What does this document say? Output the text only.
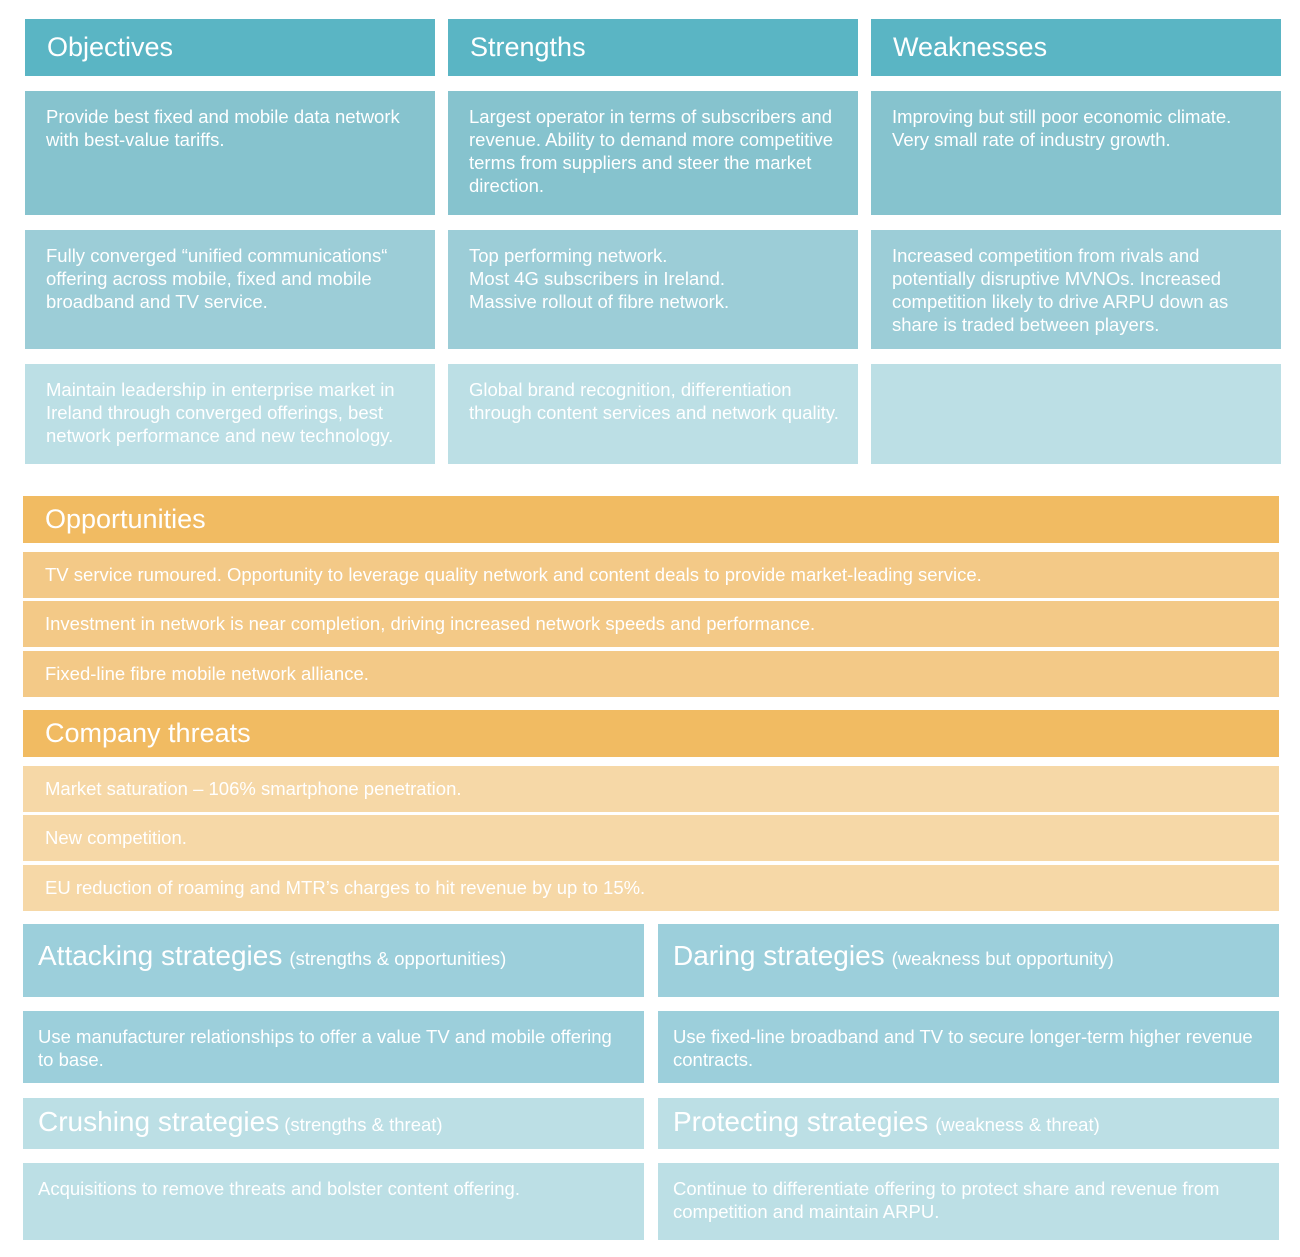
Objectives	Strengths	Weaknesses
Provide best fixed and mobile data network with best-value tariffs.
Largest operator in terms of subscribers and revenue. Ability to demand more competitive terms from suppliers and steer the market direction.
Improving but still poor economic climate. Very small rate of industry growth.
Fully converged “unified communications“ offering across mobile, fixed and mobile broadband and TV service.
Top performing network.
Most 4G subscribers in Ireland.
Massive rollout of fibre network.
Increased competition from rivals and potentially disruptive MVNOs. Increased competition likely to drive ARPU down as share is traded between players.
Maintain leadership in enterprise market in Ireland through converged offerings, best network performance and new technology.
Global brand recognition, differentiation through content services and network quality.
Opportunities
TV service rumoured. Opportunity to leverage quality network and content deals to provide market-leading service.
Investment in network is near completion, driving increased network speeds and performance.
Fixed-line fibre mobile network alliance.
Company threats
Market saturation – 106% smartphone penetration.
New competition.
EU reduction of roaming and MTR’s charges to hit revenue by up to 15%.
Attacking strategies (strengths & opportunities)
Use manufacturer relationships to offer a value TV and mobile offering to base.
Daring strategies (weakness but opportunity)
Use fixed-line broadband and TV to secure longer-term higher revenue contracts.
Crushing strategies (strengths & threat)
Acquisitions to remove threats and bolster content offering.
Protecting strategies (weakness & threat)
Continue to differentiate offering to protect share and revenue from competition and maintain ARPU.
